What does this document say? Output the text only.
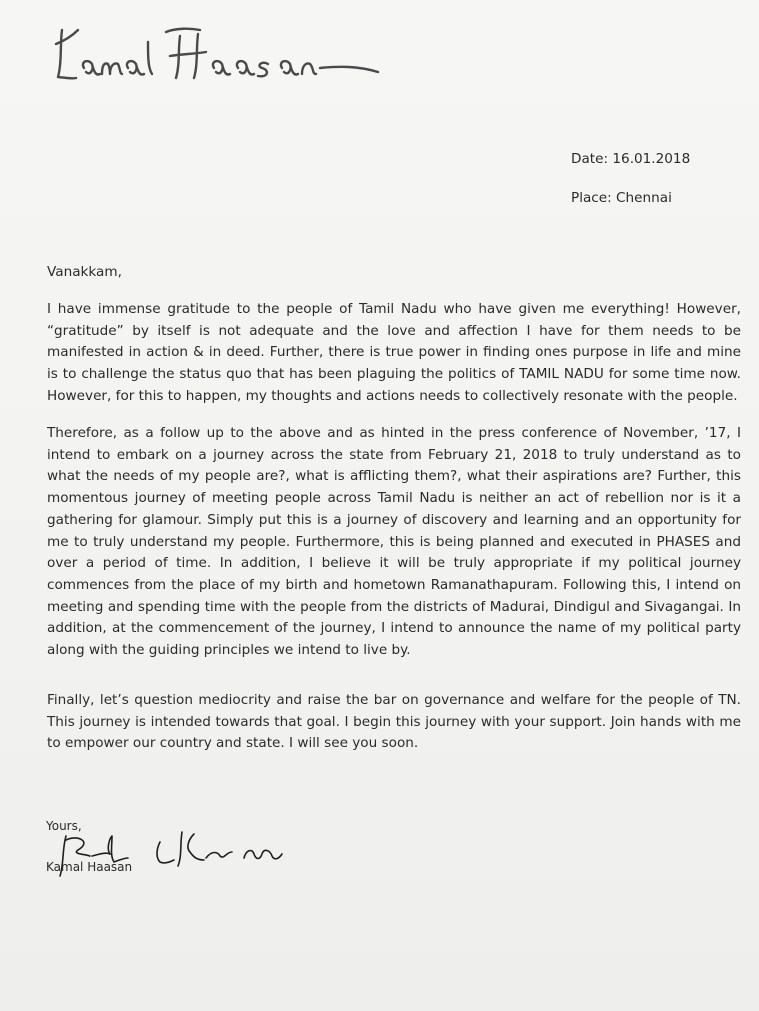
Date: 16.01.2018
Place: Chennai
Vanakkam,

I have immense gratitude to the people of Tamil Nadu who have given me everything! However, “gratitude” by itself is not adequate and the love and affection I have for them needs to be manifested in action & in deed. Further, there is true power in finding ones purpose in life and mine is to challenge the status quo that has been plaguing the politics of TAMIL NADU for some time now. However, for this to happen, my thoughts and actions needs to collectively resonate with the people.

Therefore, as a follow up to the above and as hinted in the press conference of November, ’17, I intend to embark on a journey across the state from February 21, 2018 to truly understand as to what the needs of my people are?, what is afflicting them?, what their aspirations are? Further, this momentous journey of meeting people across Tamil Nadu is neither an act of rebellion nor is it a gathering for glamour. Simply put this is a journey of discovery and learning and an opportunity for me to truly understand my people. Furthermore, this is being planned and executed in PHASES and over a period of time. In addition, I believe it will be truly appropriate if my political journey commences from the place of my birth and hometown Ramanathapuram. Following this, I intend on meeting and spending time with the people from the districts of Madurai, Dindigul and Sivagangai. In addition, at the commencement of the journey, I intend to announce the name of my political party along with the guiding principles we intend to live by.

Finally, let’s question mediocrity and raise the bar on governance and welfare for the people of TN. This journey is intended towards that goal. I begin this journey with your support. Join hands with me to empower our country and state. I will see you soon.

Yours,
Kamal Haasan
